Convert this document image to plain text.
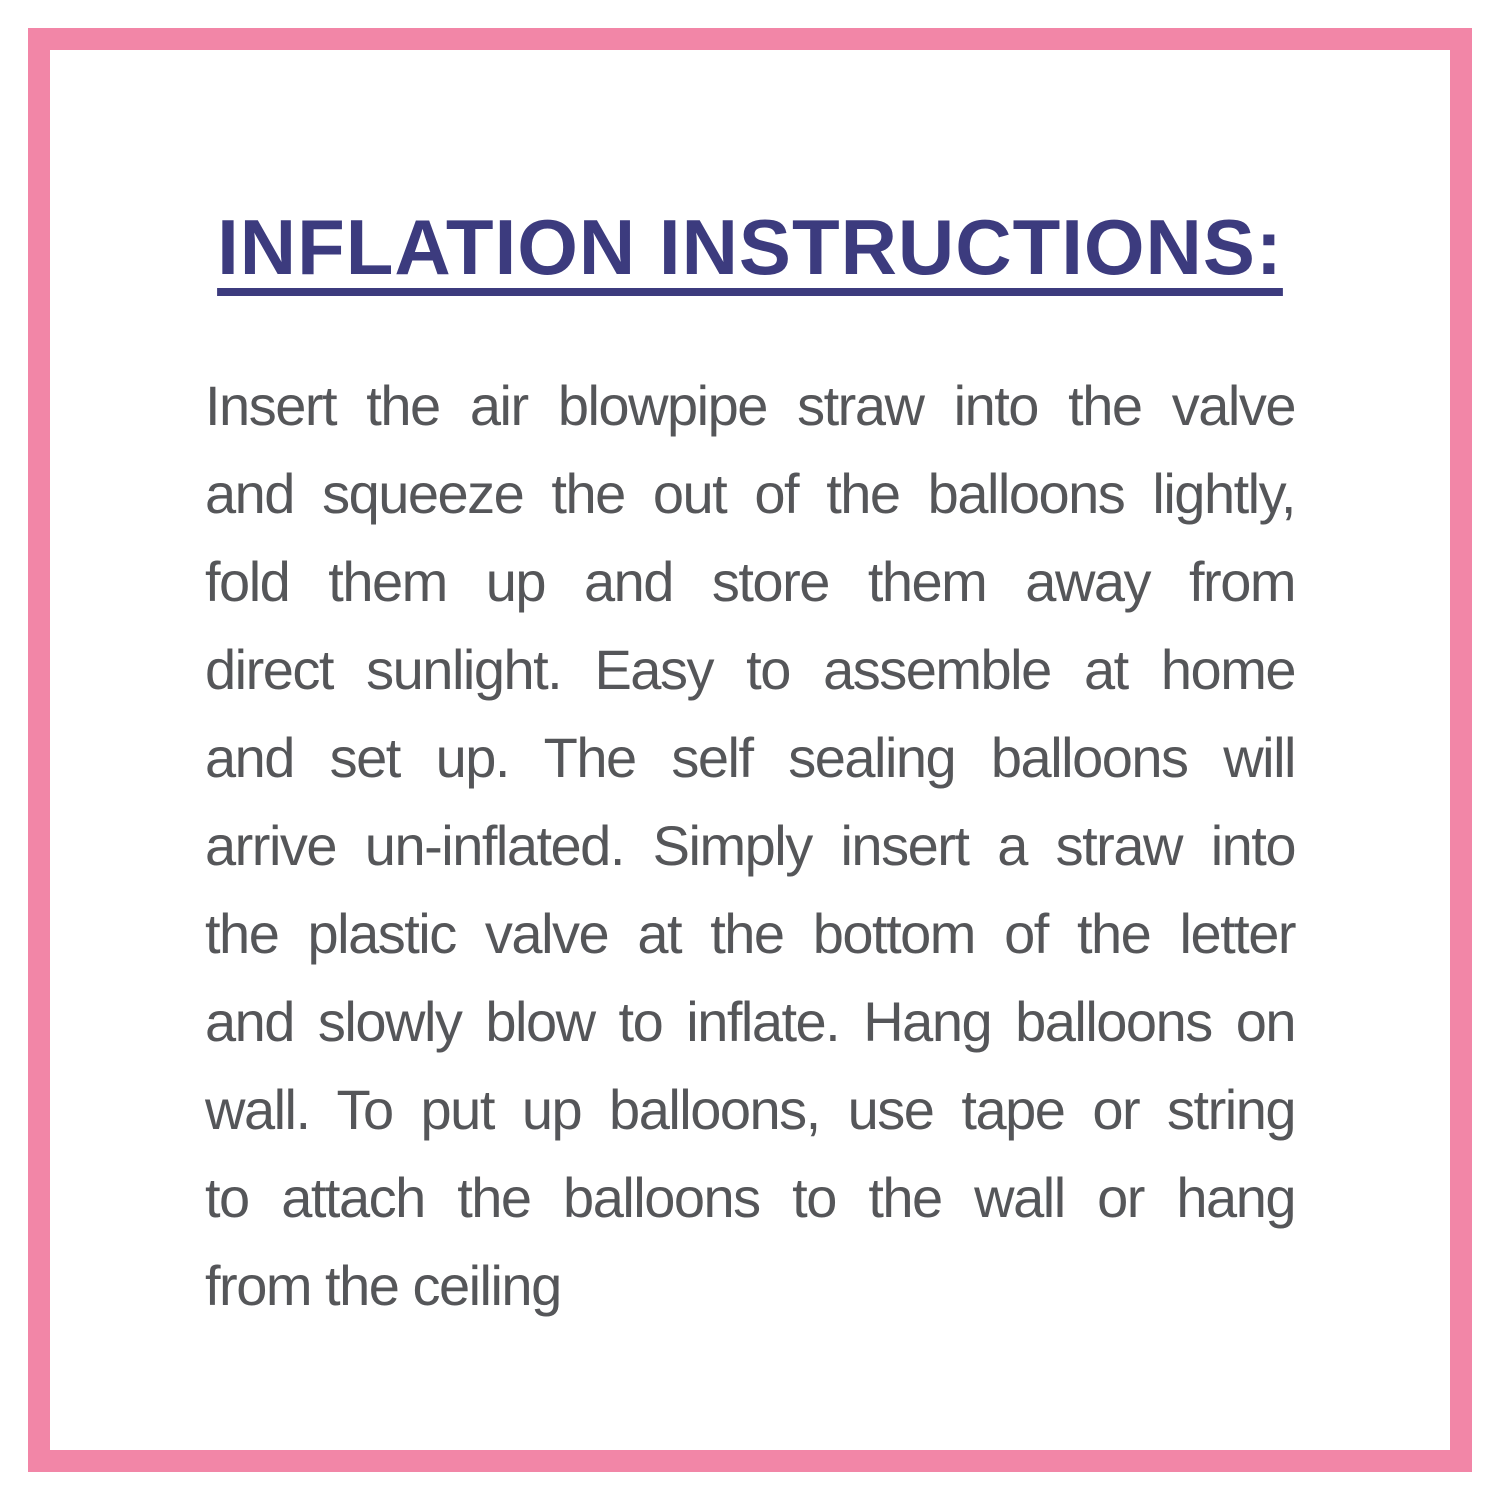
INFLATION INSTRUCTIONS:
Insert the air blowpipe straw into the valve
and squeeze the out of the balloons lightly,
fold them up and store them away from
direct sunlight. Easy to assemble at home
and set up. The self sealing balloons will
arrive un-inflated. Simply insert a straw into
the plastic valve at the bottom of the letter
and slowly blow to inflate. Hang balloons on
wall. To put up balloons, use tape or string
to attach the balloons to the wall or hang
from the ceiling
